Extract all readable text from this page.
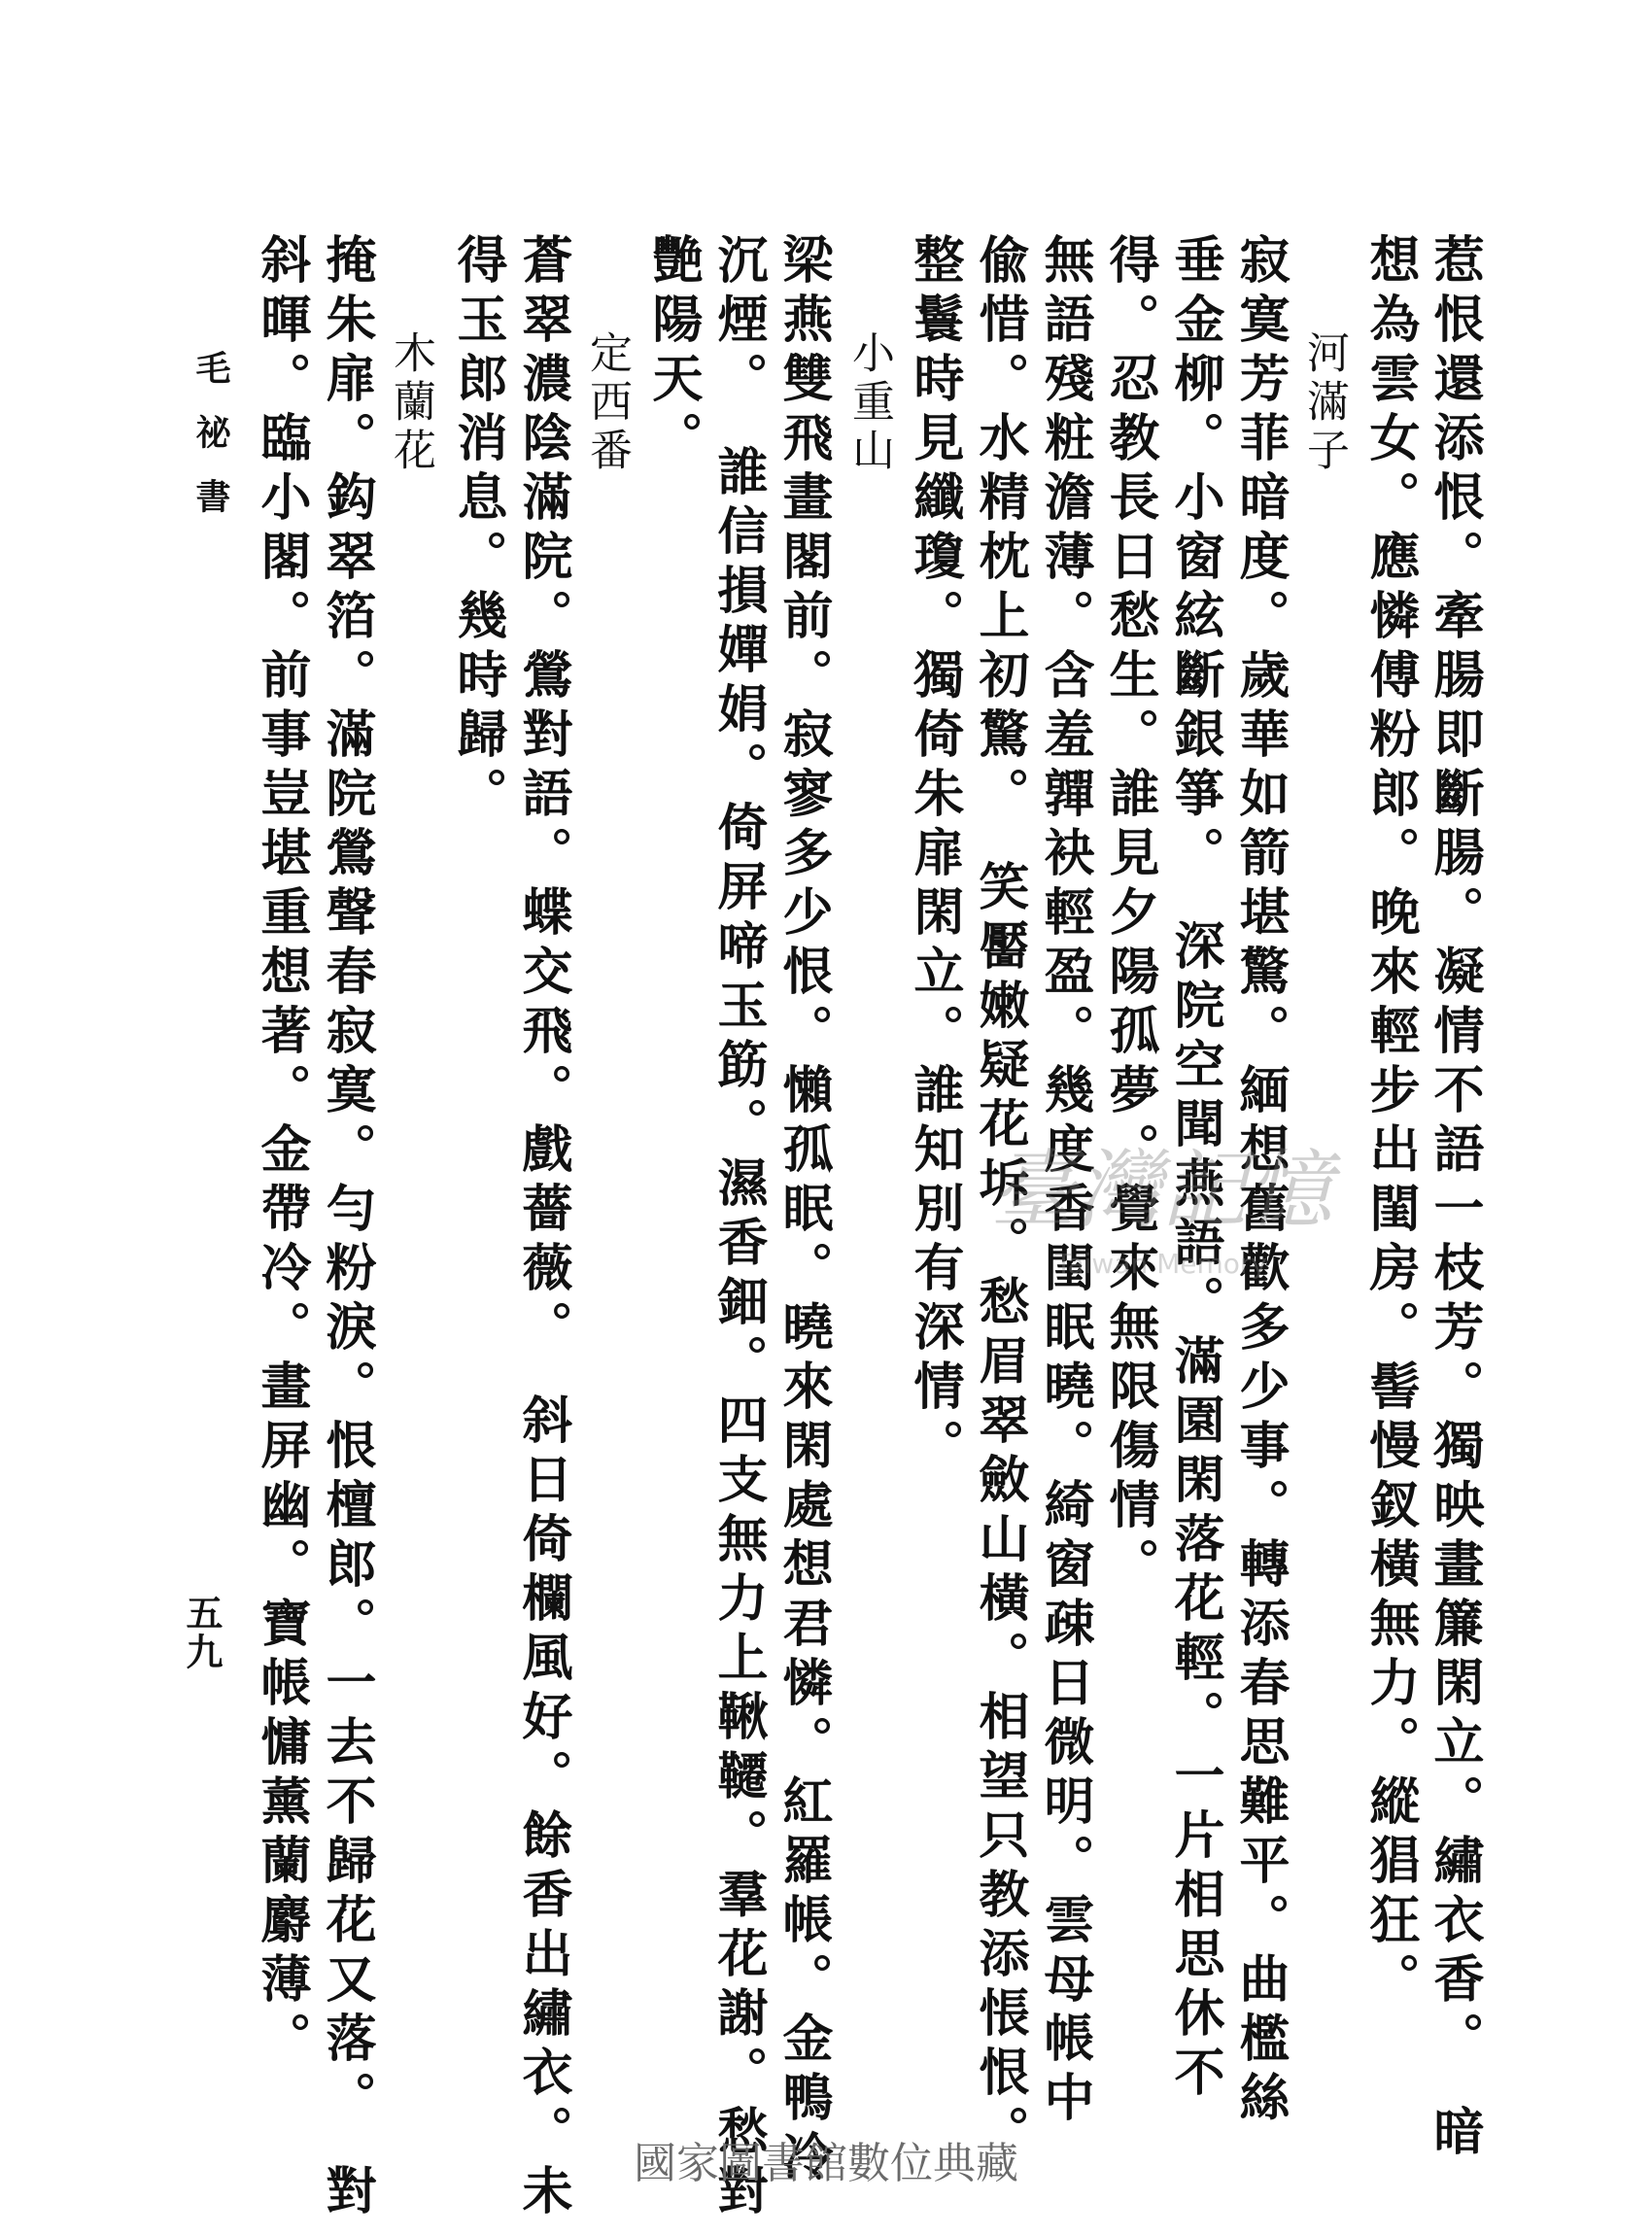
惹恨還添恨。牽腸即斷腸。凝情不語一枝芳。獨映畫簾閑立。繡衣香。　暗
想為雲女。應憐傅粉郎。晚來輕步出閨房。髻慢釵橫無力。縱猖狂。
河滿子
寂寞芳菲暗度。歲華如箭堪驚。緬想舊歡多少事。轉添春思難平。曲檻絲
垂金柳。小窗絃斷銀箏。　深院空聞燕語。滿園閑落花輕。一片相思休不
得。忍教長日愁生。誰見夕陽孤夢。覺來無限傷情。
無語殘粧澹薄。含羞嚲袂輕盈。幾度香閨眠曉。綺窗疎日微明。雲母帳中
偸惜。水精枕上初驚。　笑靨嫩疑花坼。愁眉翠斂山橫。相望只教添悵恨。
整鬟時見纖瓊。獨倚朱扉閑立。誰知別有深情。
小重山
梁燕雙飛畫閣前。寂寥多少恨。懶孤眠。曉來閑處想君憐。紅羅帳。金鴨冷
沉煙。　誰信損嬋娟。倚屏啼玉筯。濕香鈿。四支無力上鞦韆。羣花謝。愁對
艷陽天。
定西番
蒼翠濃陰滿院。鶯對語。蝶交飛。戲薔薇。　斜日倚欄風好。餘香出繡衣。未
得玉郎消息。幾時歸。
木蘭花
掩朱扉。鈎翠箔。滿院鶯聲春寂寞。勻粉淚。恨檀郎。一去不歸花又落。　對
斜暉。臨小閣。前事豈堪重想著。金帶冷。畫屏幽。寶帳慵薰蘭麝薄。
毛祕書
五九
臺灣記憶
Taiwan Memory
國家圖書館數位典藏
